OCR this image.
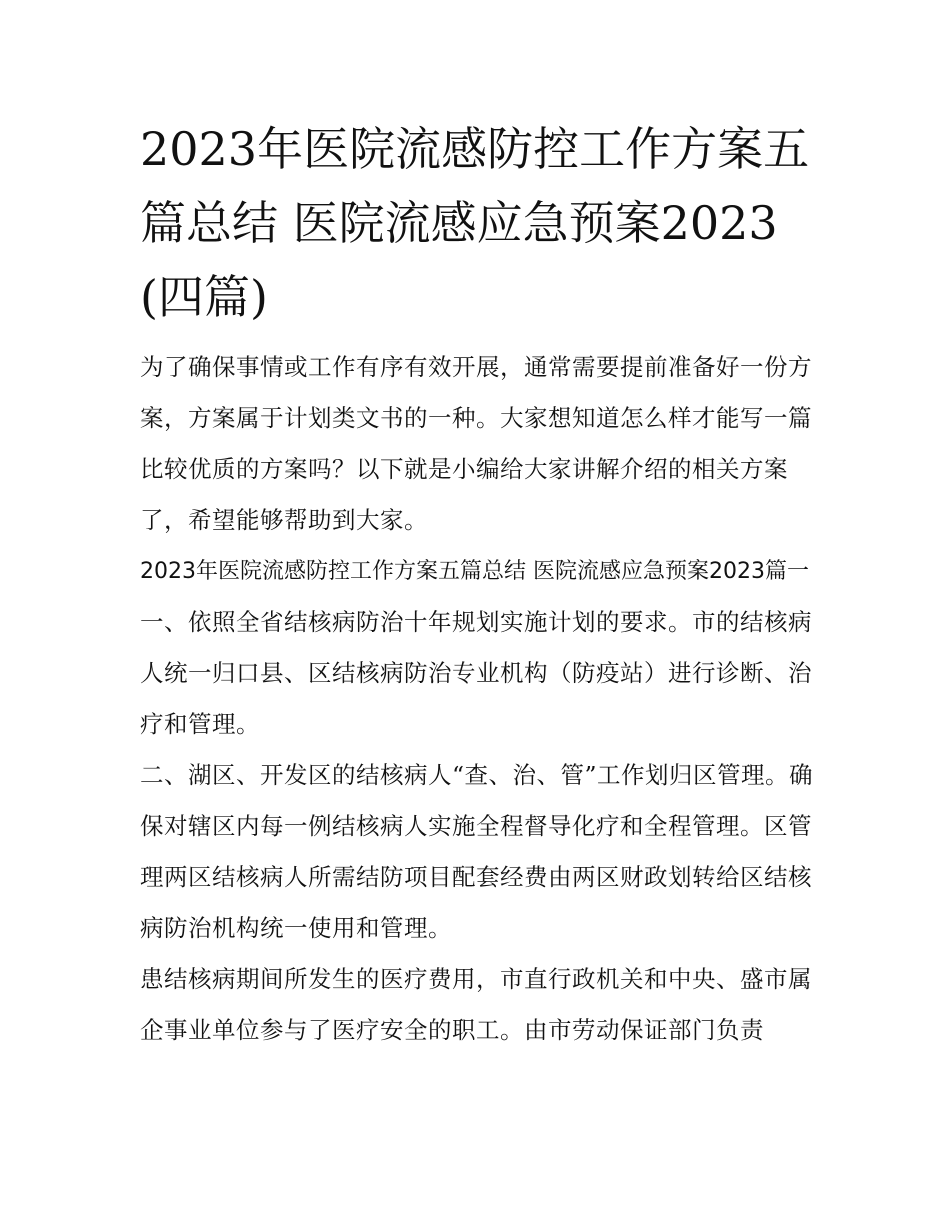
2023年医院流感防控工作方案五篇总结 医院流感应急预案2023(四篇)

为了确保事情或工作有序有效开展，通常需要提前准备好一份方案，方案属于计划类文书的一种。大家想知道怎么样才能写一篇比较优质的方案吗？以下就是小编给大家讲解介绍的相关方案了，希望能够帮助到大家。

2023年医院流感防控工作方案五篇总结 医院流感应急预案2023篇一

一、依照全省结核病防治十年规划实施计划的要求。市的结核病人统一归口县、区结核病防治专业机构（防疫站）进行诊断、治疗和管理。

二、湖区、开发区的结核病人“查、治、管”工作划归区管理。确保对辖区内每一例结核病人实施全程督导化疗和全程管理。区管理两区结核病人所需结防项目配套经费由两区财政划转给区结核病防治机构统一使用和管理。

患结核病期间所发生的医疗费用，市直行政机关和中央、盛市属企事业单位参与了医疗安全的职工。由市劳动保证部门负责
